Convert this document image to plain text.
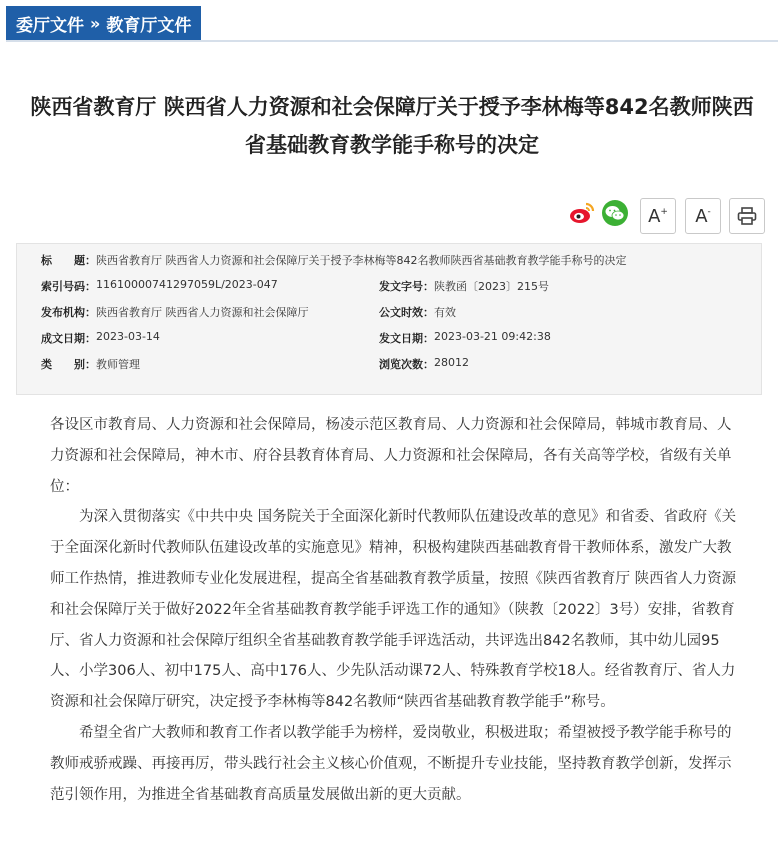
委厅文件 » 教育厅文件
陕西省教育厅 陕西省人力资源和社会保障厅关于授予李林梅等842名教师陕西
省基础教育教学能手称号的决定
A+ A-
标　　题： 陕西省教育厅 陕西省人力资源和社会保障厅关于授予李林梅等842名教师陕西省基础教育教学能手称号的决定
索引号码： 11610000741297059L/2023-047	发文字号： 陕教函〔2023〕215号
发布机构： 陕西省教育厅 陕西省人力资源和社会保障厅	公文时效： 有效
成文日期： 2023-03-14	发文日期： 2023-03-21 09:42:38
类　　别： 教师管理	浏览次数： 28012

各设区市教育局、人力资源和社会保障局，杨凌示范区教育局、人力资源和社会保障局，韩城市教育局、人力资源和社会保障局，神木市、府谷县教育体育局、人力资源和社会保障局，各有关高等学校，省级有关单位：

为深入贯彻落实《中共中央 国务院关于全面深化新时代教师队伍建设改革的意见》和省委、省政府《关于全面深化新时代教师队伍建设改革的实施意见》精神，积极构建陕西基础教育骨干教师体系，激发广大教师工作热情，推进教师专业化发展进程，提高全省基础教育教学质量，按照《陕西省教育厅 陕西省人力资源和社会保障厅关于做好2022年全省基础教育教学能手评选工作的通知》（陕教〔2022〕3号）安排，省教育厅、省人力资源和社会保障厅组织全省基础教育教学能手评选活动，共评选出842名教师，其中幼儿园95人、小学306人、初中175人、高中176人、少先队活动课72人、特殊教育学校18人。经省教育厅、省人力资源和社会保障厅研究，决定授予李林梅等842名教师“陕西省基础教育教学能手”称号。

希望全省广大教师和教育工作者以教学能手为榜样，爱岗敬业，积极进取；希望被授予教学能手称号的教师戒骄戒躁、再接再厉，带头践行社会主义核心价值观，不断提升专业技能，坚持教育教学创新，发挥示范引领作用，为推进全省基础教育高质量发展做出新的更大贡献。
